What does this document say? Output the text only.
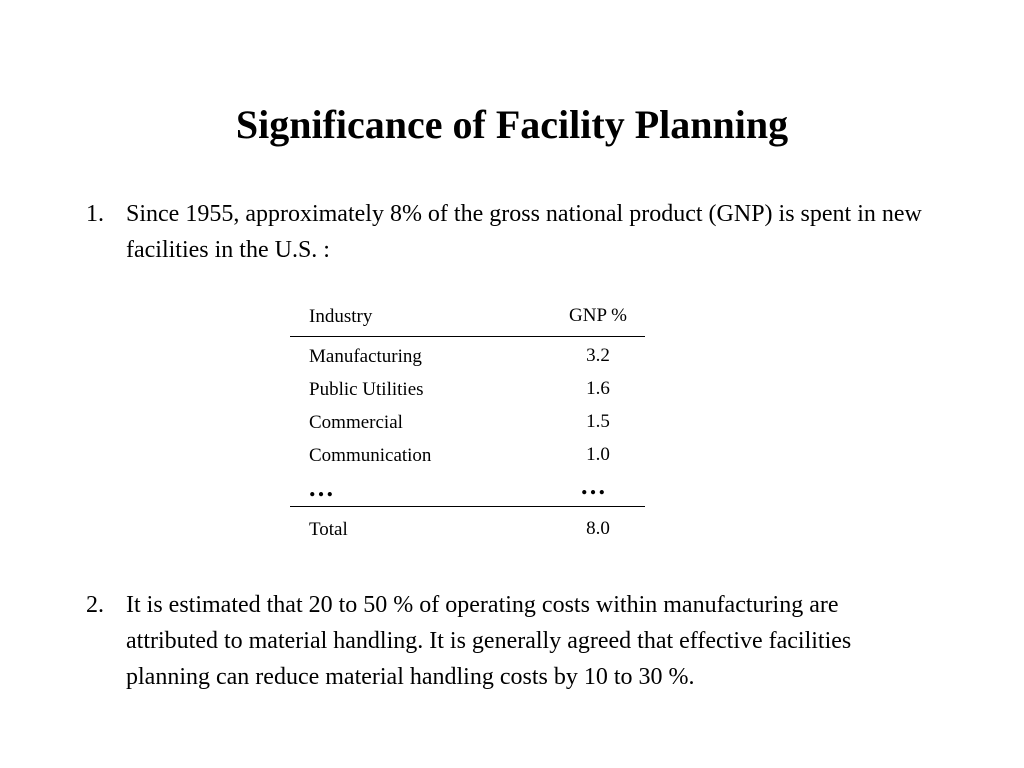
Significance of Facility Planning
1. Since 1955, approximately 8% of the gross national product (GNP) is spent in new facilities in the U.S. :
Industry	GNP %
Manufacturing	3.2
Public Utilities	1.6
Commercial	1.5
Communication	1.0
…	…
Total	8.0
2. It is estimated that 20 to 50 % of operating costs within manufacturing are attributed to material handling. It is generally agreed that effective facilities planning can reduce material handling costs by 10 to 30 %.
